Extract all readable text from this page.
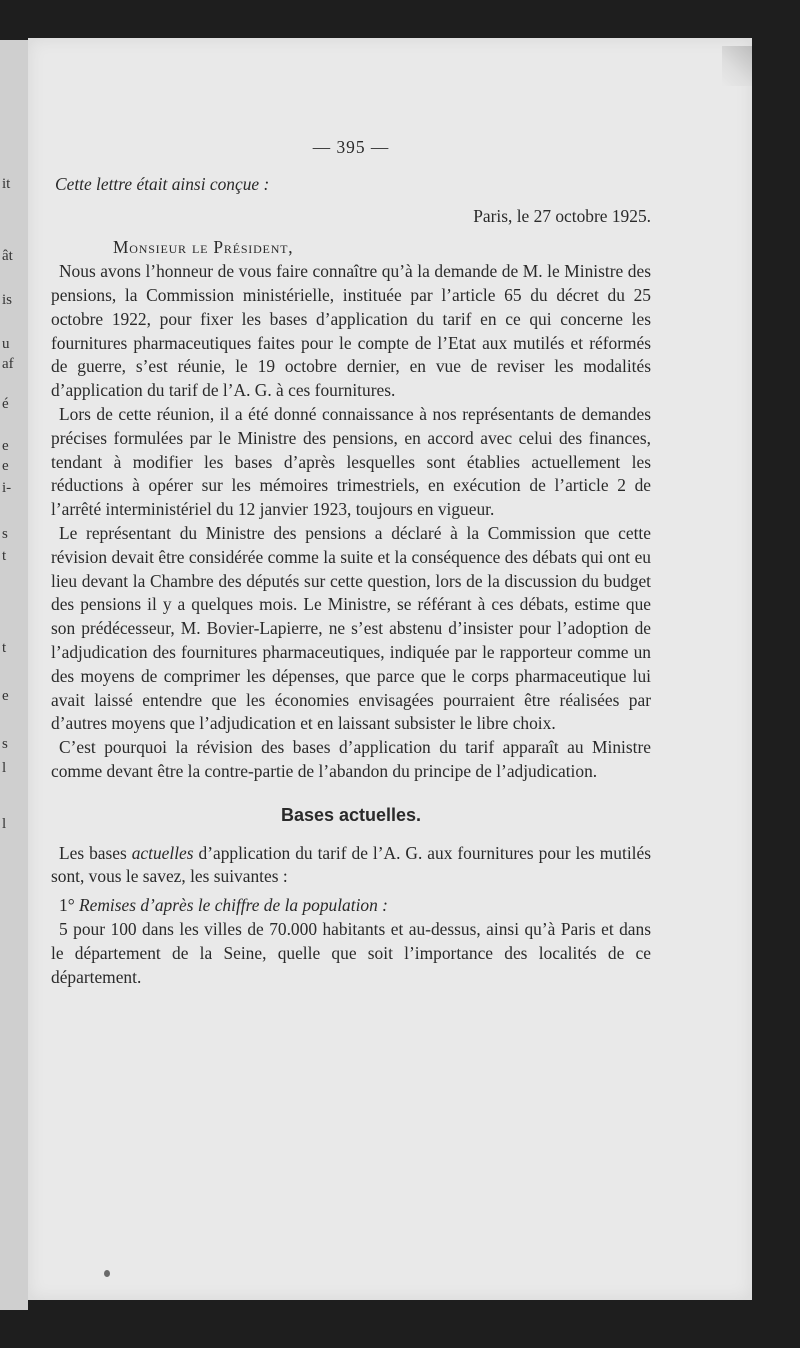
it
ât
is
u
af
é
e
e
i-
s
t
t
e
s
l
l

— 395 —

Cette lettre était ainsi conçue :

Paris, le 27 octobre 1925.

Monsieur le Président,

Nous avons l’honneur de vous faire connaître qu’à la demande de M. le Ministre des pensions, la Commission ministérielle, instituée par l’article 65 du décret du 25 octobre 1922, pour fixer les bases d’application du tarif en ce qui concerne les fournitures pharmaceutiques faites pour le compte de l’Etat aux mutilés et réformés de guerre, s’est réunie, le 19 octobre dernier, en vue de reviser les modalités d’application du tarif de l’A. G. à ces fournitures.

Lors de cette réunion, il a été donné connaissance à nos représentants de demandes précises formulées par le Ministre des pensions, en accord avec celui des finances, tendant à modifier les bases d’après lesquelles sont établies actuellement les réductions à opérer sur les mémoires trimestriels, en exécution de l’article 2 de l’arrêté interministériel du 12 janvier 1923, toujours en vigueur.

Le représentant du Ministre des pensions a déclaré à la Commission que cette révision devait être considérée comme la suite et la conséquence des débats qui ont eu lieu devant la Chambre des députés sur cette question, lors de la discussion du budget des pensions il y a quelques mois. Le Ministre, se référant à ces débats, estime que son prédécesseur, M. Bovier-Lapierre, ne s’est abstenu d’insister pour l’adoption de l’adjudication des fournitures pharmaceutiques, indiquée par le rapporteur comme un des moyens de comprimer les dépenses, que parce que le corps pharmaceutique lui avait laissé entendre que les économies envisagées pourraient être réalisées par d’autres moyens que l’adjudication et en laissant subsister le libre choix.

C’est pourquoi la révision des bases d’application du tarif apparaît au Ministre comme devant être la contre-partie de l’abandon du principe de l’adjudication.

Bases actuelles.

Les bases actuelles d’application du tarif de l’A. G. aux fournitures pour les mutilés sont, vous le savez, les suivantes :

1° Remises d’après le chiffre de la population :

5 pour 100 dans les villes de 70.000 habitants et au-dessus, ainsi qu’à Paris et dans le département de la Seine, quelle que soit l’importance des localités de ce département.
